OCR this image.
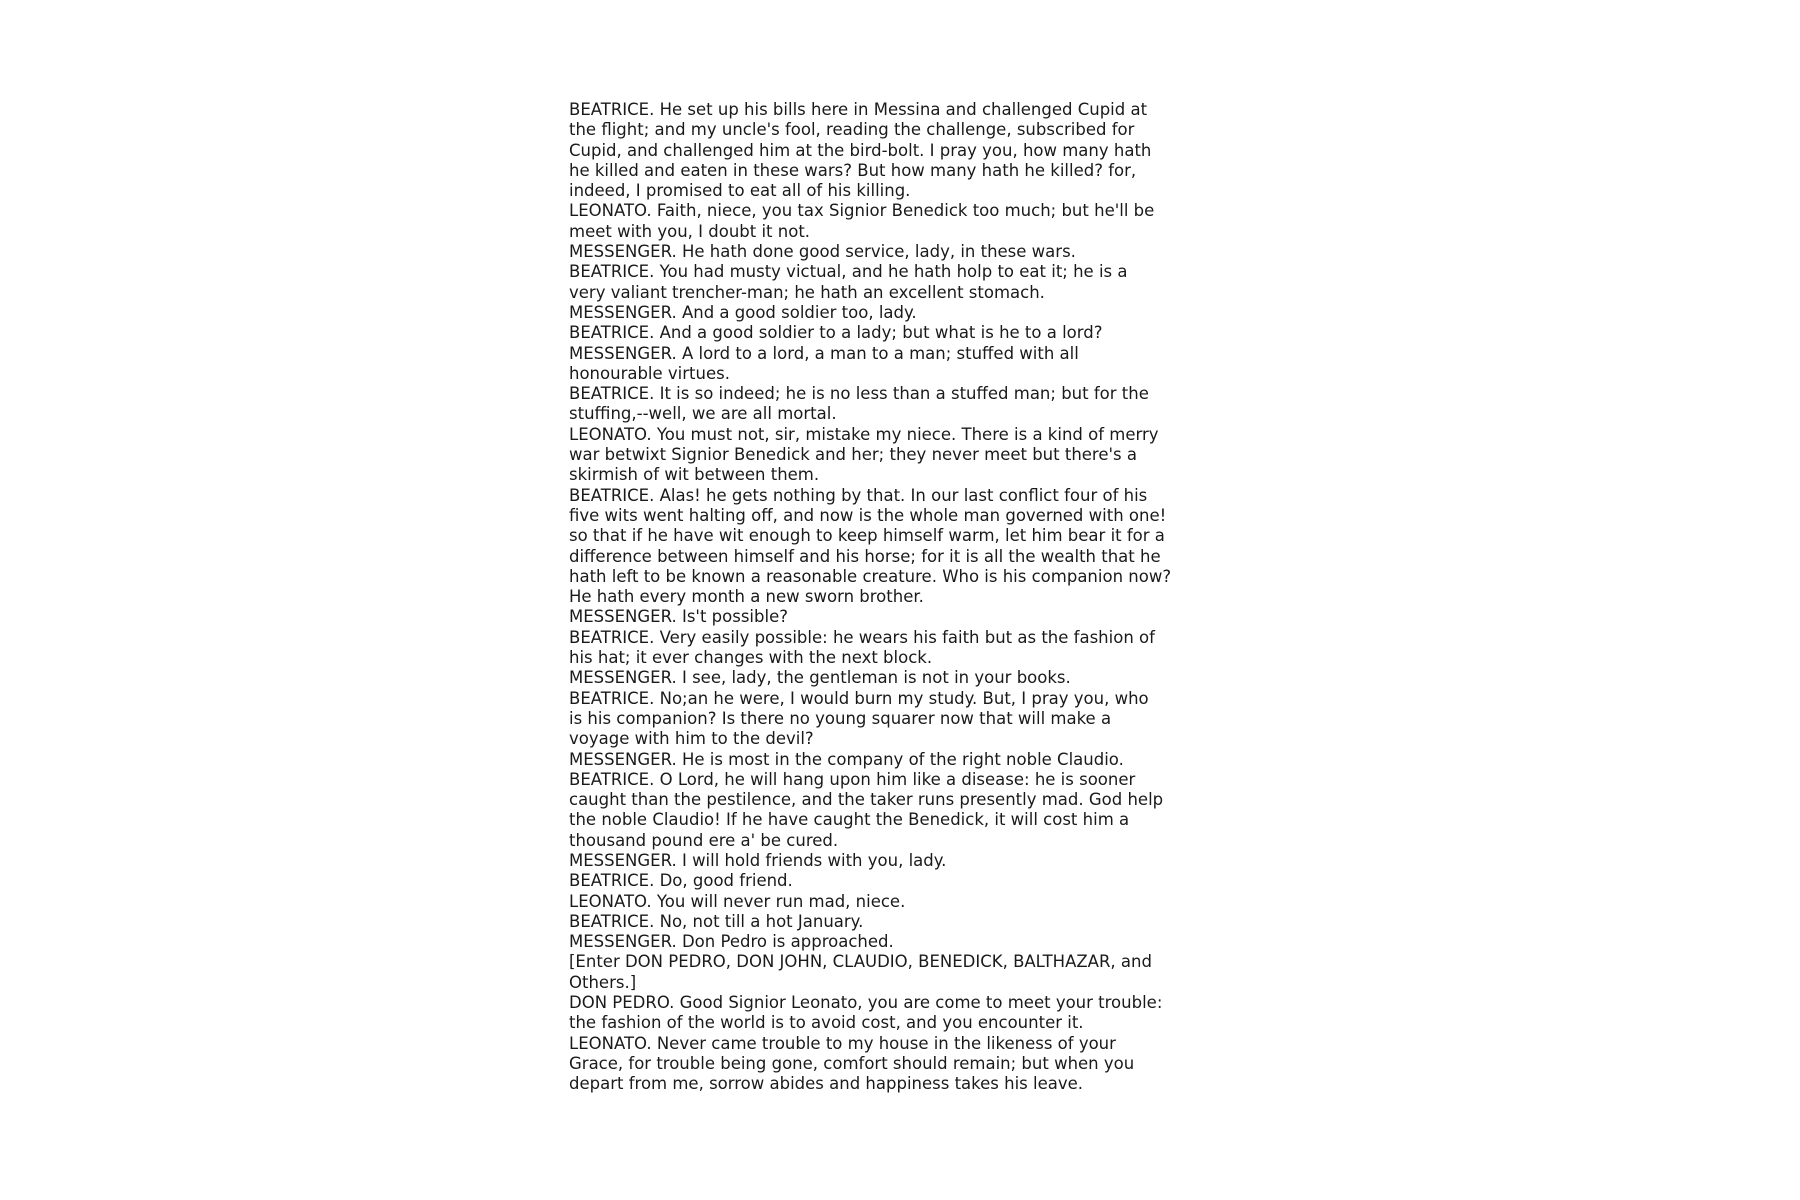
BEATRICE. He set up his bills here in Messina and challenged Cupid at
the flight; and my uncle's fool, reading the challenge, subscribed for
Cupid, and challenged him at the bird-bolt. I pray you, how many hath
he killed and eaten in these wars? But how many hath he killed? for,
indeed, I promised to eat all of his killing.

LEONATO. Faith, niece, you tax Signior Benedick too much; but he'll be
meet with you, I doubt it not.

MESSENGER. He hath done good service, lady, in these wars.

BEATRICE. You had musty victual, and he hath holp to eat it; he is a
very valiant trencher-man; he hath an excellent stomach.

MESSENGER. And a good soldier too, lady.

BEATRICE. And a good soldier to a lady; but what is he to a lord?

MESSENGER. A lord to a lord, a man to a man; stuffed with all
honourable virtues.

BEATRICE. It is so indeed; he is no less than a stuffed man; but for the
stuffing,--well, we are all mortal.

LEONATO. You must not, sir, mistake my niece. There is a kind of merry
war betwixt Signior Benedick and her; they never meet but there's a
skirmish of wit between them.

BEATRICE. Alas! he gets nothing by that. In our last conflict four of his
five wits went halting off, and now is the whole man governed with one!
so that if he have wit enough to keep himself warm, let him bear it for a
difference between himself and his horse; for it is all the wealth that he
hath left to be known a reasonable creature. Who is his companion now?
He hath every month a new sworn brother.

MESSENGER. Is't possible?

BEATRICE. Very easily possible: he wears his faith but as the fashion of
his hat; it ever changes with the next block.

MESSENGER. I see, lady, the gentleman is not in your books.

BEATRICE. No;an he were, I would burn my study. But, I pray you, who
is his companion? Is there no young squarer now that will make a
voyage with him to the devil?

MESSENGER. He is most in the company of the right noble Claudio.

BEATRICE. O Lord, he will hang upon him like a disease: he is sooner
caught than the pestilence, and the taker runs presently mad. God help
the noble Claudio! If he have caught the Benedick, it will cost him a
thousand pound ere a' be cured.

MESSENGER. I will hold friends with you, lady.

BEATRICE. Do, good friend.

LEONATO. You will never run mad, niece.

BEATRICE. No, not till a hot January.

MESSENGER. Don Pedro is approached.

[Enter DON PEDRO, DON JOHN, CLAUDIO, BENEDICK, BALTHAZAR, and
Others.]

DON PEDRO. Good Signior Leonato, you are come to meet your trouble:
the fashion of the world is to avoid cost, and you encounter it.

LEONATO. Never came trouble to my house in the likeness of your
Grace, for trouble being gone, comfort should remain; but when you
depart from me, sorrow abides and happiness takes his leave.
